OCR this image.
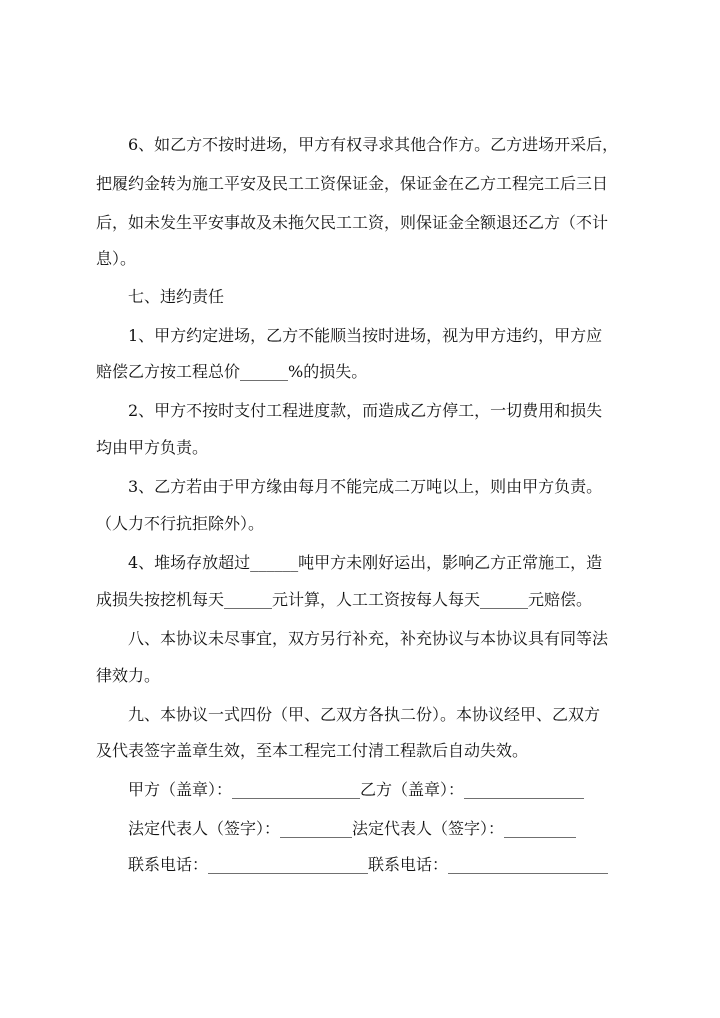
6、如乙方不按时进场，甲方有权寻求其他合作方。乙方进场开采后，
把履约金转为施工平安及民工工资保证金，保证金在乙方工程完工后三日
后，如未发生平安事故及未拖欠民工工资，则保证金全额退还乙方（不计
息）。
七、违约责任
1、甲方约定进场，乙方不能顺当按时进场，视为甲方违约，甲方应
赔偿乙方按工程总价______%的损失。
2、甲方不按时支付工程进度款，而造成乙方停工，一切费用和损失
均由甲方负责。
3、乙方若由于甲方缘由每月不能完成二万吨以上，则由甲方负责。
（人力不行抗拒除外）。
4、堆场存放超过______吨甲方未刚好运出，影响乙方正常施工，造
成损失按挖机每天______元计算，人工工资按每人每天______元赔偿。
八、本协议未尽事宜，双方另行补充，补充协议与本协议具有同等法
律效力。
九、本协议一式四份（甲、乙双方各执二份）。本协议经甲、乙双方
及代表签字盖章生效，至本工程完工付清工程款后自动失效。
甲方（盖章）：________________乙方（盖章）：_______________
法定代表人（签字）：_________法定代表人（签字）：_________
联系电话：____________________联系电话：____________________
